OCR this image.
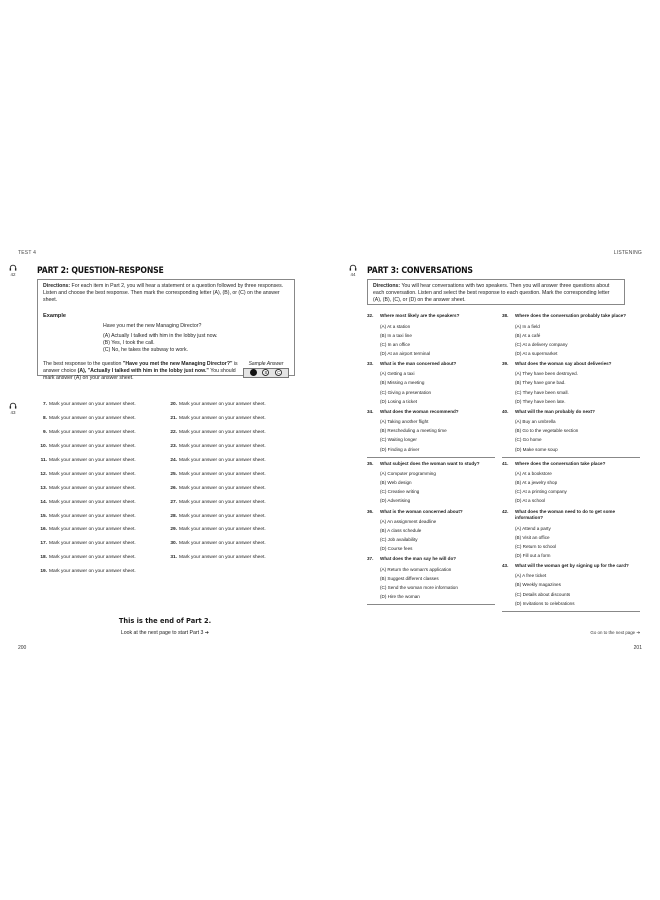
TEST 4
42	PART 2: QUESTION–RESPONSE
Directions: For each item in Part 2, you will hear a statement or a question followed by three responses. Listen and choose the best response. Then mark the corresponding letter (A), (B), or (C) on the answer sheet.
Example
Have you met the new Managing Director?
(A) Actually I talked with him in the lobby just now.
(B) Yes, I took the call.
(C) No, he takes the subway to work.
The best response to the question "Have you met the new Managing Director?" is answer choice (A), "Actually I talked with him in the lobby just now." You should mark answer (A) on your answer sheet.
Sample Answer
B	C
43
7. Mark your answer on your answer sheet.
8. Mark your answer on your answer sheet.
9. Mark your answer on your answer sheet.
10. Mark your answer on your answer sheet.
11. Mark your answer on your answer sheet.
12. Mark your answer on your answer sheet.
13. Mark your answer on your answer sheet.
14. Mark your answer on your answer sheet.
15. Mark your answer on your answer sheet.
16. Mark your answer on your answer sheet.
17. Mark your answer on your answer sheet.
18. Mark your answer on your answer sheet.
19. Mark your answer on your answer sheet.
20. Mark your answer on your answer sheet.
21. Mark your answer on your answer sheet.
22. Mark your answer on your answer sheet.
23. Mark your answer on your answer sheet.
24. Mark your answer on your answer sheet.
25. Mark your answer on your answer sheet.
26. Mark your answer on your answer sheet.
27. Mark your answer on your answer sheet.
28. Mark your answer on your answer sheet.
29. Mark your answer on your answer sheet.
30. Mark your answer on your answer sheet.
31. Mark your answer on your answer sheet.
This is the end of Part 2.
Look at the next page to start Part 3 ➔
200
LISTENING
44	PART 3: CONVERSATIONS
Directions: You will hear conversations with two speakers. Then you will answer three questions about each conversation. Listen and select the best response to each question. Mark the corresponding letter (A), (B), (C), or (D) on the answer sheet.
32.	Where most likely are the speakers?
(A) At a station
(B) In a taxi line
(C) In an office
(D) At an airport terminal
33.	What is the man concerned about?
(A) Getting a taxi
(B) Missing a meeting
(C) Giving a presentation
(D) Losing a ticket
34.	What does the woman recommend?
(A) Taking another flight
(B) Rescheduling a meeting time
(C) Waiting longer
(D) Finding a driver
35.	What subject does the woman want to study?
(A) Computer programming
(B) Web design
(C) Creative writing
(D) Advertising
36.	What is the woman concerned about?
(A) An assignment deadline
(B) A class schedule
(C) Job availability
(D) Course fees
37.	What does the man say he will do?
(A) Return the woman's application
(B) Suggest different classes
(C) Send the woman more information
(D) Hire the woman
38.	Where does the conversation probably take place?
(A) In a field
(B) At a café
(C) At a delivery company
(D) At a supermarket
39.	What does the woman say about deliveries?
(A) They have been destroyed.
(B) They have gone bad.
(C) They have been small.
(D) They have been late.
40.	What will the man probably do next?
(A) Buy an umbrella
(B) Go to the vegetable section
(C) Go home
(D) Make some soup
41.	Where does the conversation take place?
(A) At a bookstore
(B) At a jewelry shop
(C) At a printing company
(D) At a school
42.	What does the woman need to do to get some information?
(A) Attend a party
(B) Visit an office
(C) Return to school
(D) Fill out a form
43.	What will the woman get by signing up for the card?
(A) A free ticket
(B) Weekly magazines
(C) Details about discounts
(D) Invitations to celebrations
Go on to the next page ➔
201
